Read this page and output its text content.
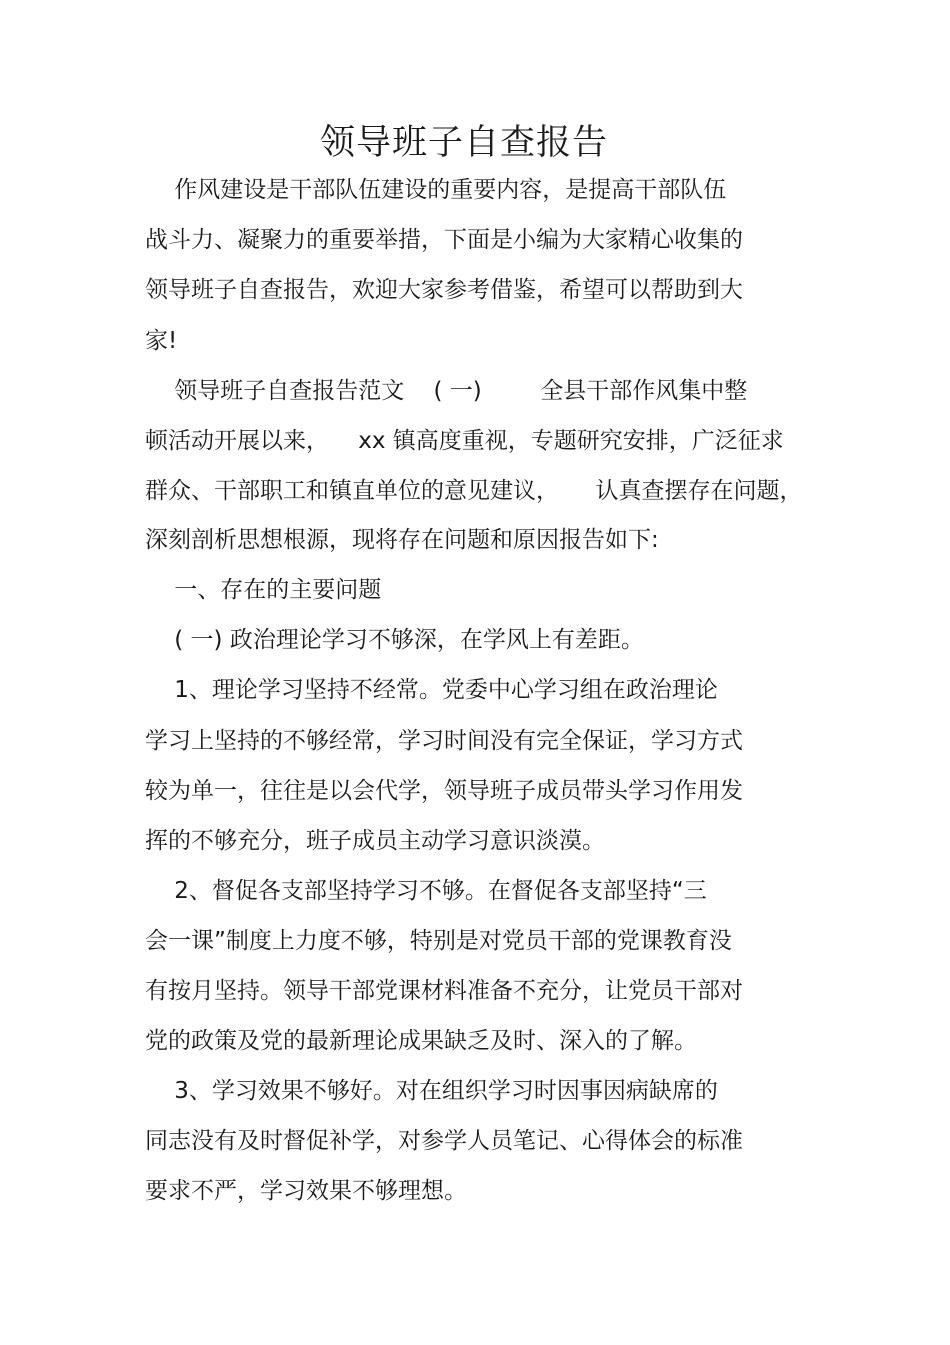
领导班子自查报告
作风建设是干部队伍建设的重要内容，是提高干部队伍
战斗力、凝聚力的重要举措，下面是小编为大家精心收集的
领导班子自查报告，欢迎大家参考借鉴，希望可以帮助到大
家!
领导班子自查报告范文    ( 一)        全县干部作风集中整
顿活动开展以来，    xx 镇高度重视，专题研究安排，广泛征求
群众、干部职工和镇直单位的意见建议，     认真查摆存在问题，
深刻剖析思想根源，现将存在问题和原因报告如下:
一、存在的主要问题
( 一) 政治理论学习不够深，在学风上有差距。
1、理论学习坚持不经常。党委中心学习组在政治理论
学习上坚持的不够经常，学习时间没有完全保证，学习方式
较为单一，往往是以会代学，领导班子成员带头学习作用发
挥的不够充分，班子成员主动学习意识淡漠。
2、督促各支部坚持学习不够。在督促各支部坚持“三
会一课”制度上力度不够，特别是对党员干部的党课教育没
有按月坚持。领导干部党课材料准备不充分，让党员干部对
党的政策及党的最新理论成果缺乏及时、深入的了解。
3、学习效果不够好。对在组织学习时因事因病缺席的
同志没有及时督促补学，对参学人员笔记、心得体会的标准
要求不严，学习效果不够理想。
